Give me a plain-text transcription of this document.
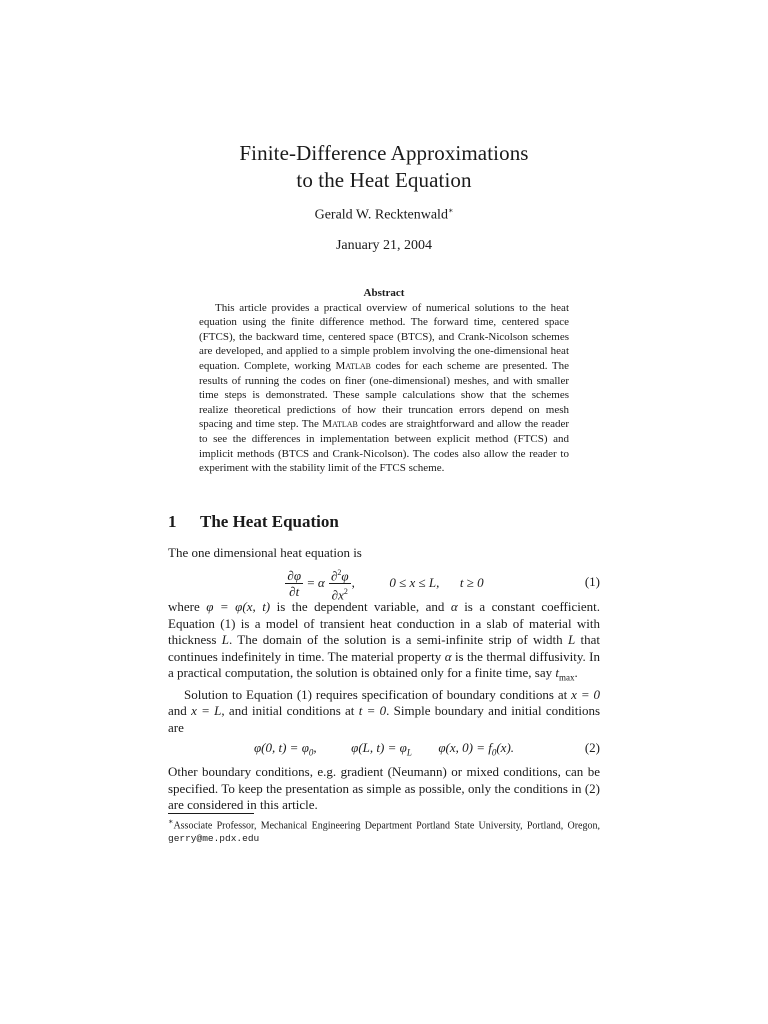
Finite-Difference Approximations
to the Heat Equation
Gerald W. Recktenwald∗
January 21, 2004
Abstract

This article provides a practical overview of numerical solutions to the heat equation using the finite difference method. The forward time, centered space (FTCS), the backward time, centered space (BTCS), and Crank-Nicolson schemes are developed, and applied to a simple problem involving the one-dimensional heat equation. Complete, working Matlab codes for each scheme are presented. The results of running the codes on finer (one-dimensional) meshes, and with smaller time steps is demonstrated. These sample calculations show that the schemes realize theoretical predictions of how their truncation errors depend on mesh spacing and time step. The Matlab codes are straightforward and allow the reader to see the differences in implementation between explicit method (FTCS) and implicit methods (BTCS and Crank-Nicolson). The codes also allow the reader to experiment with the stability limit of the FTCS scheme.

1 The Heat Equation

The one dimensional heat equation is

$\frac{\partial\varphi}{\partial t} = \alpha \frac{\partial^2\varphi}{\partial x^2}$ ,  0 ≤ x ≤ L, t ≥ 0	(1)

where φ = φ(x, t) is the dependent variable, and α is a constant coefficient. Equation (1) is a model of transient heat conduction in a slab of material with thickness L. The domain of the solution is a semi-infinite strip of width L that continues indefinitely in time. The material property α is the thermal diffusivity. In a practical computation, the solution is obtained only for a finite time, say $t_{max}$.

Solution to Equation (1) requires specification of boundary conditions at x = 0 and x = L, and initial conditions at t = 0. Simple boundary and initial conditions are

φ(0, $t) = \varphi_0$,  φ(L, $t) = \varphi_L$ φ(x, $0) = f_0(x)$.	(2)

Other boundary conditions, e.g. gradient (Neumann) or mixed conditions, can be specified. To keep the presentation as simple as possible, only the conditions in (2) are considered in this article.

∗Associate Professor, Mechanical Engineering Department Portland State University, Portland, Oregon, gerry@me.pdx.edu
